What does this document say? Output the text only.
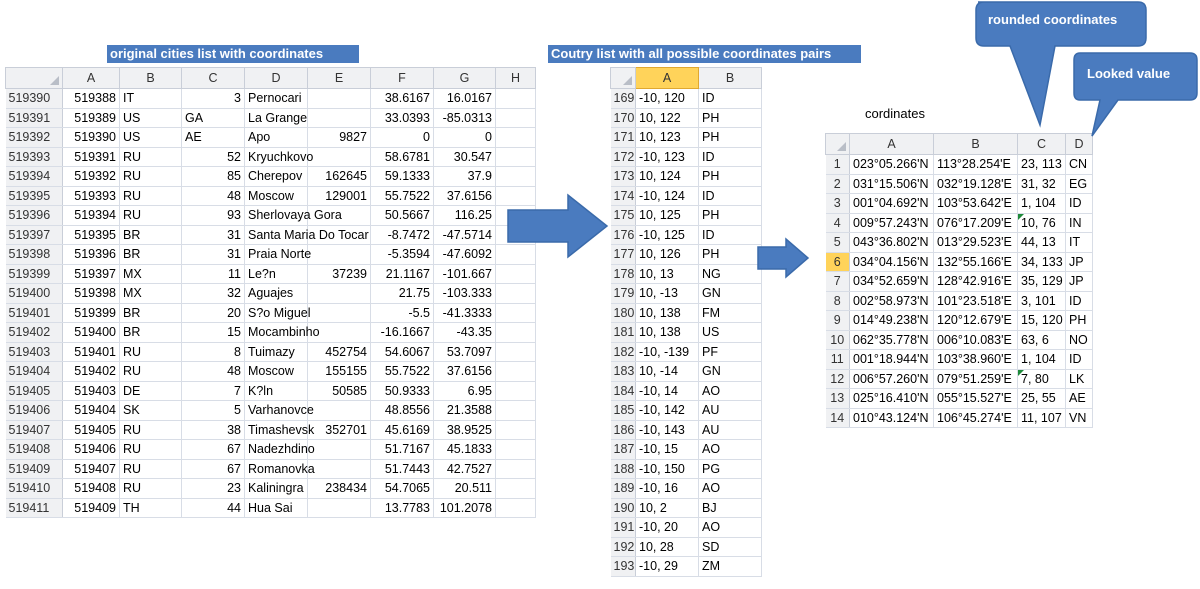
original cities list with coordinates
	A	B	C	D	E	F	G	H
519390	519388	IT	3	Pernocari		38.6167	16.0167	
519391	519389	US	GA	La Grange		33.0393	-85.0313	
519392	519390	US	AE	Apo	9827	0	0	
519393	519391	RU	52	Kryuchkovo		58.6781	30.547	
519394	519392	RU	85	Cherepov	162645	59.1333	37.9	
519395	519393	RU	48	Moscow	129001	55.7522	37.6156	
519396	519394	RU	93	Sherlovaya Gora		50.5667	116.25	
519397	519395	BR	31	Santa Maria Do Tocar		-8.7472	-47.5714	
519398	519396	BR	31	Praia Norte		-5.3594	-47.6092	
519399	519397	MX	11	Le?n	37239	21.1167	-101.667	
519400	519398	MX	32	Aguajes		21.75	-103.333	
519401	519399	BR	20	S?o Miguel		-5.5	-41.3333	
519402	519400	BR	15	Mocambinho		-16.1667	-43.35	
519403	519401	RU	8	Tuimazy	452754	54.6067	53.7097	
519404	519402	RU	48	Moscow	155155	55.7522	37.6156	
519405	519403	DE	7	K?ln	50585	50.9333	6.95	
519406	519404	SK	5	Varhanovce		48.8556	21.3588	
519407	519405	RU	38	Timashevsk	352701	45.6169	38.9525	
519408	519406	RU	67	Nadezhdino		51.7167	45.1833	
519409	519407	RU	67	Romanovka		51.7443	42.7527	
519410	519408	RU	23	Kaliningra	238434	54.7065	20.511	
519411	519409	TH	44	Hua Sai		13.7783	101.2078	
Coutry list with all possible coordinates pairs
	A	B
169	-10, 120	ID
170	10, 122	PH
171	10, 123	PH
172	-10, 123	ID
173	10, 124	PH
174	-10, 124	ID
175	10, 125	PH
176	-10, 125	ID
177	10, 126	PH
178	10, 13	NG
179	10, -13	GN
180	10, 138	FM
181	10, 138	US
182	-10, -139	PF
183	10, -14	GN
184	-10, 14	AO
185	-10, 142	AU
186	-10, 143	AU
187	-10, 15	AO
188	-10, 150	PG
189	-10, 16	AO
190	10, 2	BJ
191	-10, 20	AO
192	10, 28	SD
193	-10, 29	ZM
cordinates
	A	B	C	D
1	023°05.266'N	113°28.254'E	23, 113	CN
2	031°15.506'N	032°19.128'E	31, 32	EG
3	001°04.692'N	103°53.642'E	1, 104	ID
4	009°57.243'N	076°17.209'E	10, 76	IN
5	043°36.802'N	013°29.523'E	44, 13	IT
6	034°04.156'N	132°55.166'E	34, 133	JP
7	034°52.659'N	128°42.916'E	35, 129	JP
8	002°58.973'N	101°23.518'E	3, 101	ID
9	014°49.238'N	120°12.679'E	15, 120	PH
10	062°35.778'N	006°10.083'E	63, 6	NO
11	001°18.944'N	103°38.960'E	1, 104	ID
12	006°57.260'N	079°51.259'E	7, 80	LK
13	025°16.410'N	055°15.527'E	25, 55	AE
14	010°43.124'N	106°45.274'E	11, 107	VN
rounded coordinates
Looked value
